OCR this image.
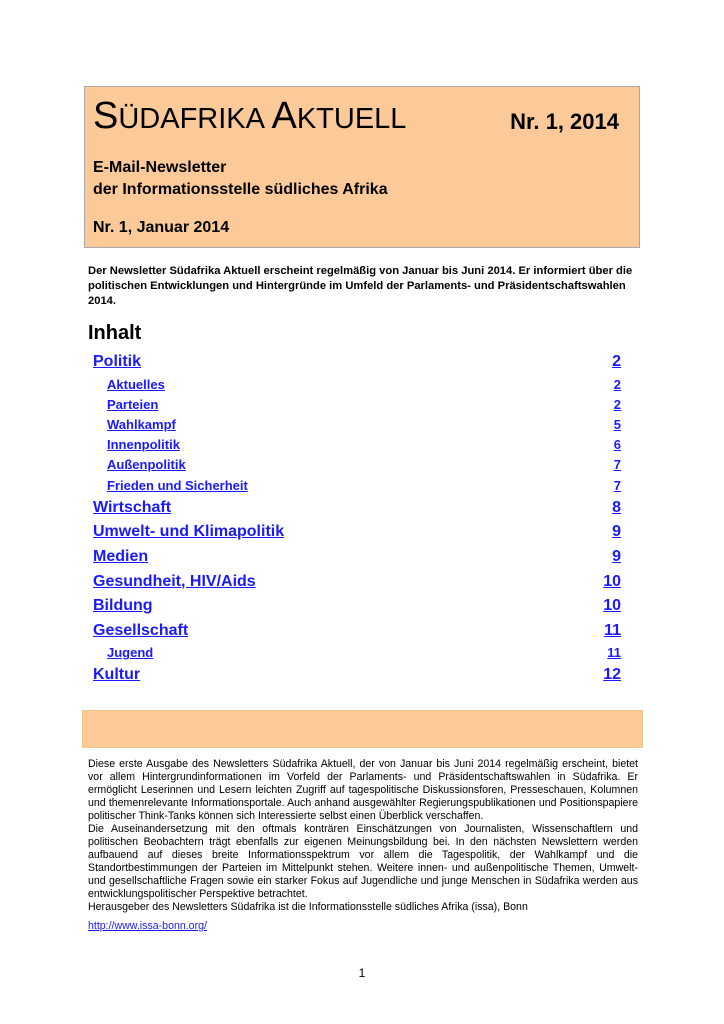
SÜDAFRIKA AKTUELL	Nr. 1, 2014
E-Mail-Newsletter
der Informationsstelle südliches Afrika
Nr. 1, Januar 2014
Der Newsletter Südafrika Aktuell erscheint regelmäßig von Januar bis Juni 2014. Er informiert über die politischen Entwicklungen und Hintergründe im Umfeld der Parlaments- und Präsidentschaftswahlen 2014.
Inhalt
Politik	2
Aktuelles	2
Parteien	2
Wahlkampf	5
Innenpolitik	6
Außenpolitik	7
Frieden und Sicherheit	7
Wirtschaft	8
Umwelt- und Klimapolitik	9
Medien	9
Gesundheit, HIV/Aids	10
Bildung	10
Gesellschaft	11
Jugend	11
Kultur	12

Diese erste Ausgabe des Newsletters Südafrika Aktuell, der von Januar bis Juni 2014 regelmäßig erscheint, bietet vor allem Hintergrundinformationen im Vorfeld der Parlaments- und Präsidentschaftswahlen in Südafrika. Er ermöglicht Leserinnen und Lesern leichten Zugriff auf tagespolitische Diskussionsforen, Presseschauen, Kolumnen und themenrelevante Informationsportale. Auch anhand ausgewählter Regierungspublikationen und Positionspapiere politischer Think-Tanks können sich Interessierte selbst einen Überblick verschaffen.

Die Auseinandersetzung mit den oftmals konträren Einschätzungen von Journalisten, Wissenschaftlern und politischen Beobachtern trägt ebenfalls zur eigenen Meinungsbildung bei. In den nächsten Newslettern werden aufbauend auf dieses breite Informationsspektrum vor allem die Tagespolitik, der Wahlkampf und die Standortbestimmungen der Parteien im Mittelpunkt stehen. Weitere innen- und außenpolitische Themen, Umwelt- und gesellschaftliche Fragen sowie ein starker Fokus auf Jugendliche und junge Menschen in Südafrika werden aus entwicklungspolitischer Perspektive betrachtet.

Herausgeber des Newsletters Südafrika ist die Informationsstelle südliches Afrika (issa), Bonn

http://www.issa-bonn.org/
1
